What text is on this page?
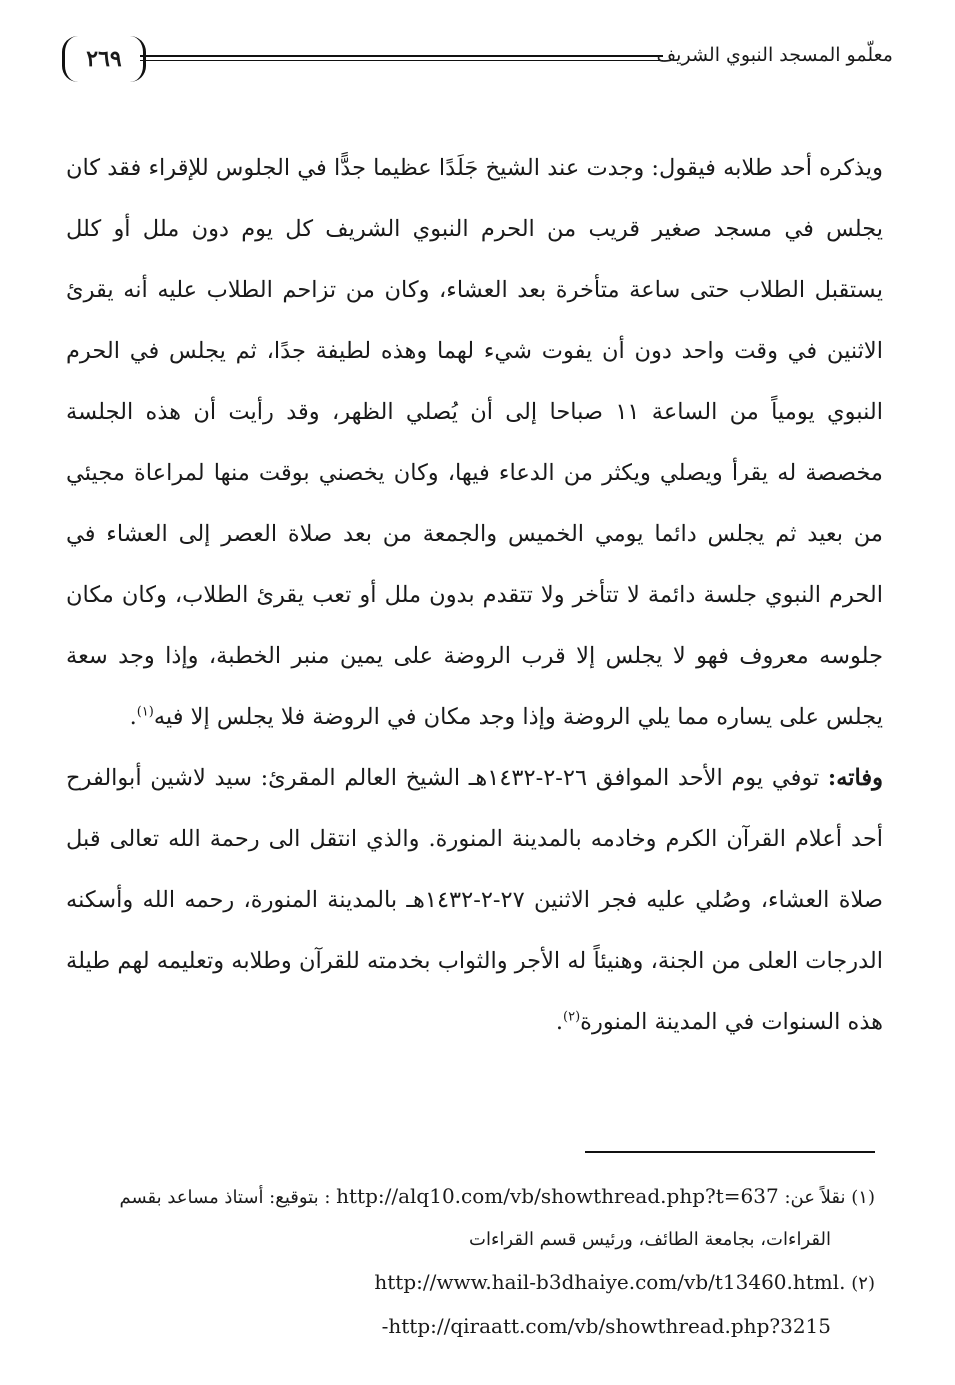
٢٦٩	معلّمو المسجد النبوي الشريف

ويذكره أحد طلابه فيقول: وجدت عند الشيخ جَلَدًا عظيما جدًّا في الجلوس للإقراء فقد كان يجلس في مسجد صغير قريب من الحرم النبوي الشريف كل يوم دون ملل أو كلل يستقبل الطلاب حتى ساعة متأخرة بعد العشاء، وكان من تزاحم الطلاب عليه أنه يقرئ الاثنين في وقت واحد دون أن يفوت شيء لهما وهذه لطيفة جدًا، ثم يجلس في الحرم النبوي يومياً من الساعة ١١ صباحا إلى أن يُصلي الظهر، وقد رأيت أن هذه الجلسة مخصصة له يقرأ ويصلي ويكثر من الدعاء فيها، وكان يخصني بوقت منها لمراعاة مجيئي من بعيد ثم يجلس دائما يومي الخميس والجمعة من بعد صلاة العصر إلى العشاء في الحرم النبوي جلسة دائمة لا تتأخر ولا تتقدم بدون ملل أو تعب يقرئ الطلاب، وكان مكان جلوسه معروف فهو لا يجلس إلا قرب الروضة على يمين منبر الخطبة، وإذا وجد سعة يجلس على يساره مما يلي الروضة وإذا وجد مكان في الروضة فلا يجلس إلا فيه$^{(١)}$.

وفاته: توفي يوم الأحد الموافق ٢٦-٢-١٤٣٢هـ الشيخ العالم المقرئ: سيد لاشين أبوالفرح أحد أعلام القرآن الكرم وخادمه بالمدينة المنورة. والذي انتقل الى رحمة الله تعالى قبل صلاة العشاء، وصُلي عليه فجر الاثنين ٢٧-٢-١٤٣٢هـ بالمدينة المنورة، رحمه الله وأسكنه الدرجات العلى من الجنة، وهنيئاً له الأجر والثواب بخدمته للقرآن وطلابه وتعليمه لهم طيلة هذه السنوات في المدينة المنورة$^{(٢)}$.

(١) نقلاً عن: http://alq10.com/vb/showthread.php?t=637 : بتوقيع: أستاذ مساعد بقسم

القراءات، بجامعة الطائف، ورئيس قسم القراءات

(٢) http://www.hail-b3dhaiye.com/vb/t13460.html.

-http://qiraatt.com/vb/showthread.php?3215
